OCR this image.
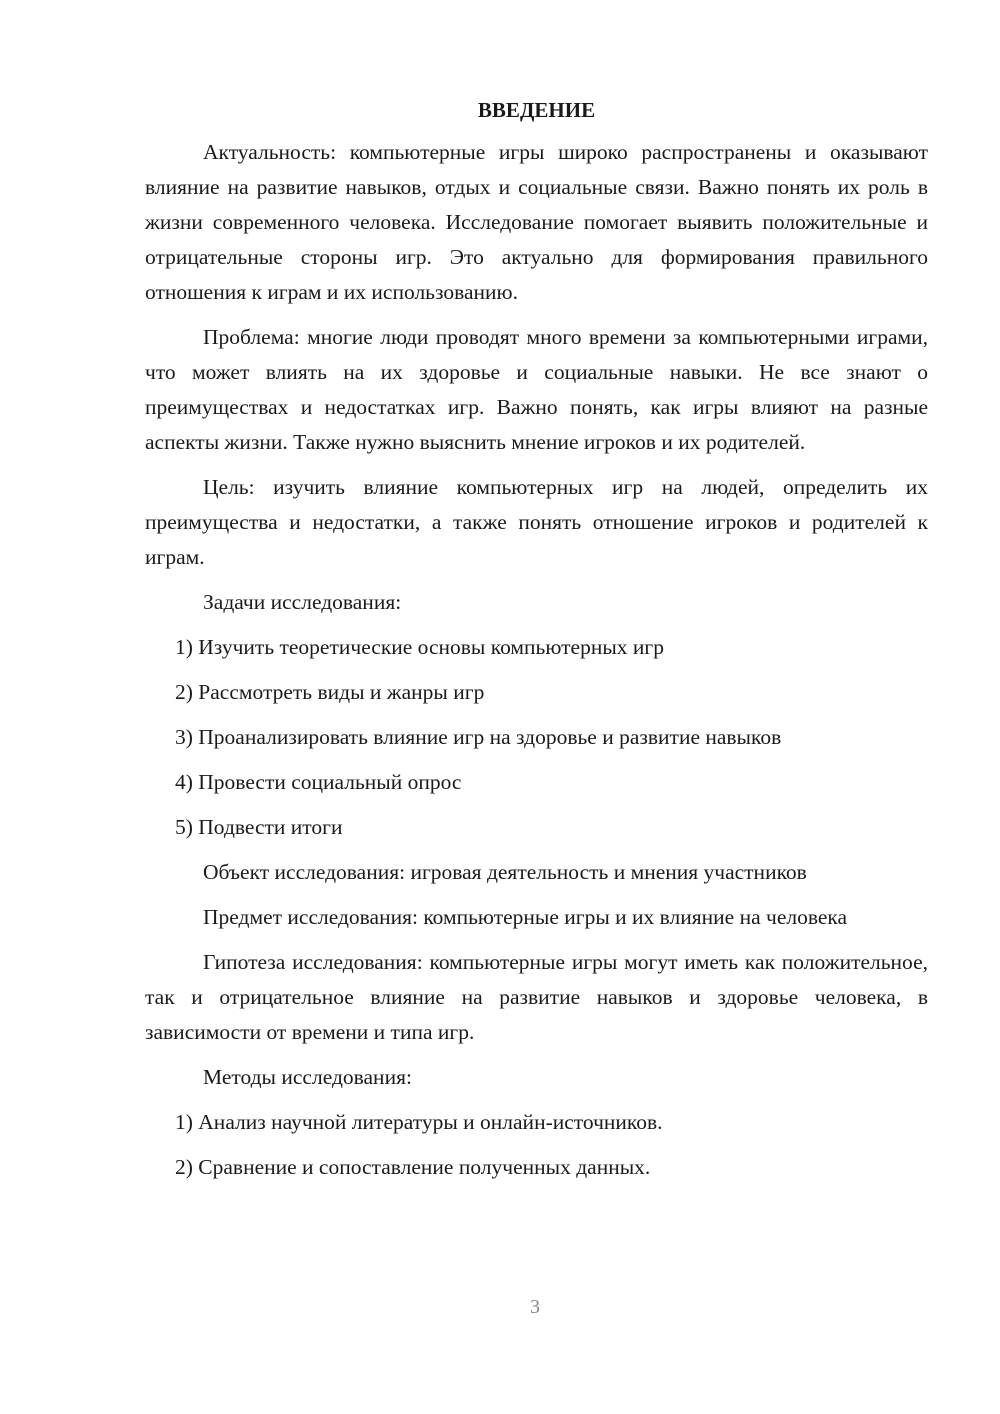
ВВЕДЕНИЕ

Актуальность: компьютерные игры широко распространены и оказывают влияние на развитие навыков, отдых и социальные связи. Важно понять их роль в жизни современного человека. Исследование помогает выявить положительные и отрицательные стороны игр. Это актуально для формирования правильного отношения к играм и их использованию.

Проблема: многие люди проводят много времени за компьютерными играми, что может влиять на их здоровье и социальные навыки. Не все знают о преимуществах и недостатках игр. Важно понять, как игры влияют на разные аспекты жизни. Также нужно выяснить мнение игроков и их родителей.

Цель: изучить влияние компьютерных игр на людей, определить их преимущества и недостатки, а также понять отношение игроков и родителей к играм.

Задачи исследования:

1) Изучить теоретические основы компьютерных игр
2) Рассмотреть виды и жанры игр
3) Проанализировать влияние игр на здоровье и развитие навыков
4) Провести социальный опрос
5) Подвести итоги

Объект исследования: игровая деятельность и мнения участников

Предмет исследования: компьютерные игры и их влияние на человека

Гипотеза исследования: компьютерные игры могут иметь как положительное, так и отрицательное влияние на развитие навыков и здоровье человека, в зависимости от времени и типа игр.

Методы исследования:

1) Анализ научной литературы и онлайн-источников.
2) Сравнение и сопоставление полученных данных.
3
